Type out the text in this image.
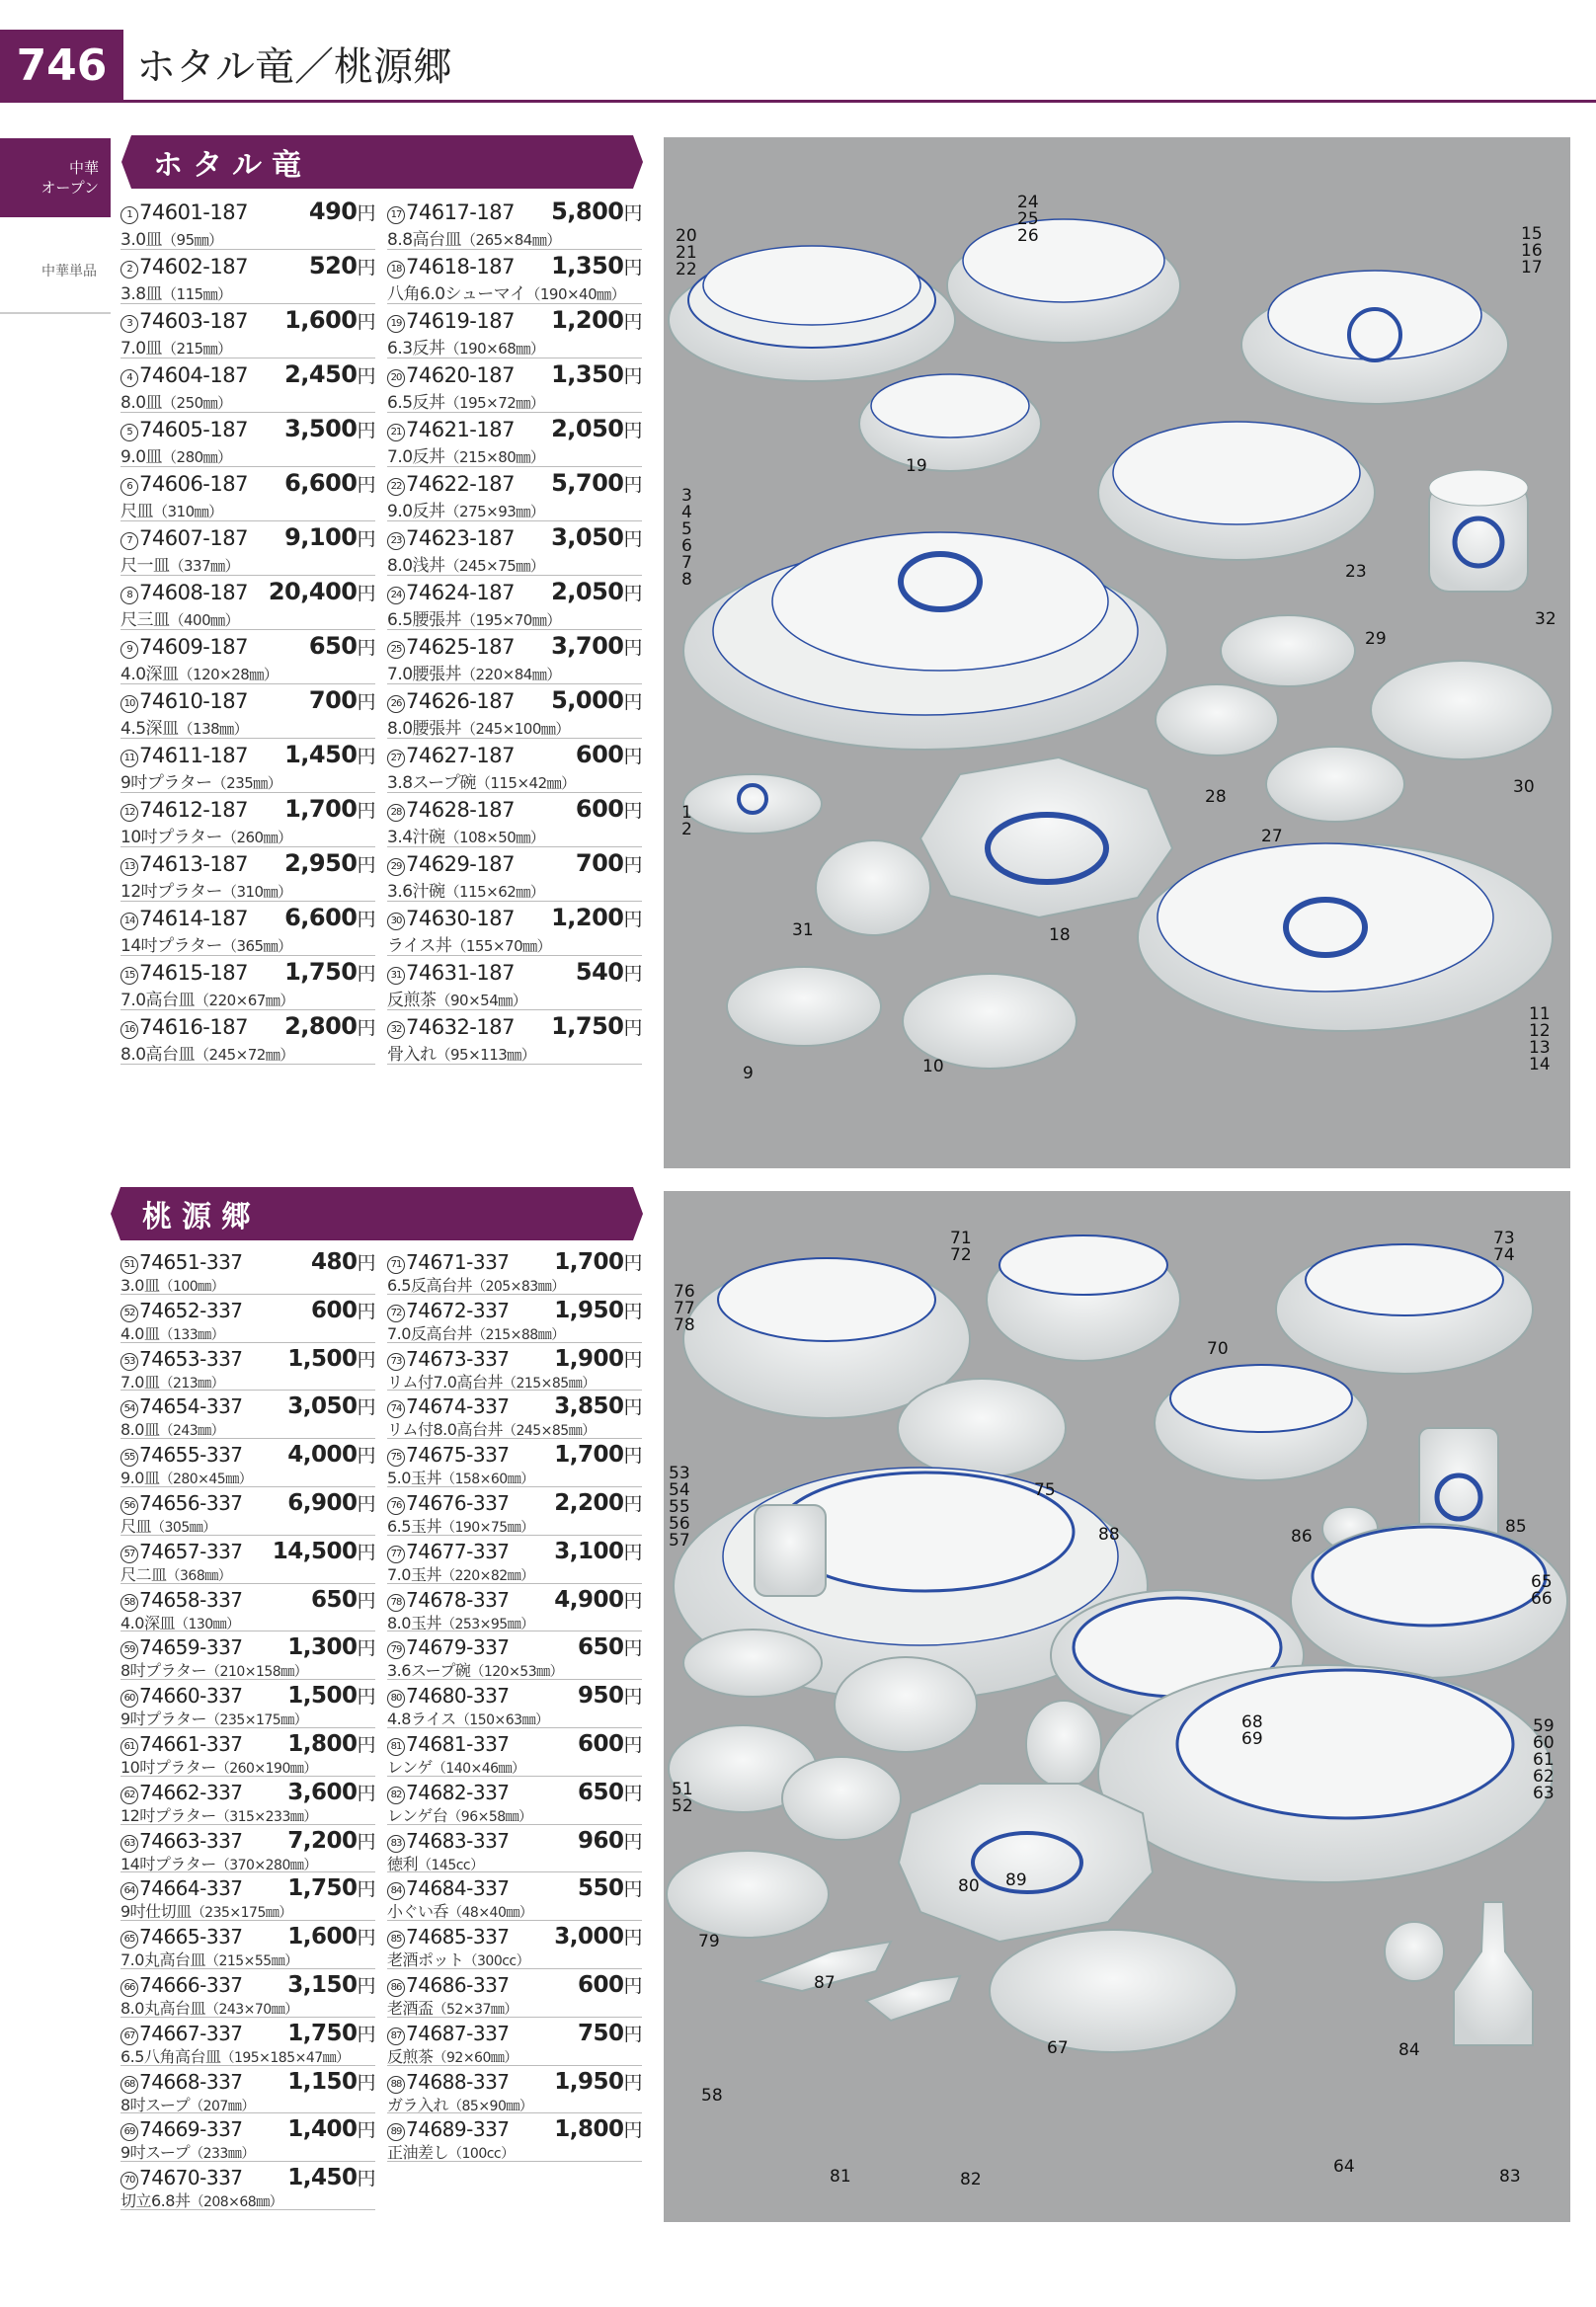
746 ホタル竜／桃源郷
中華
オープン
中華単品
ホタル竜
1 74601-187	490円
3.0皿（95㎜）
2 74602-187	520円
3.8皿（115㎜）
3 74603-187 1,600円
7.0皿（215㎜）
4 74604-187 2,450円
8.0皿（250㎜）
5 74605-187 3,500円
9.0皿（280㎜）
6 74606-187 6,600円
尺皿（310㎜）
7 74607-187 9,100円
尺一皿（337㎜）
8 74608-187 20,400円
尺三皿（400㎜）
9 74609-187	650円
4.0深皿（120×28㎜）
10 74610-187	700円
4.5深皿（138㎜）
11 74611-187 1,450円
9吋プラター（235㎜）
12 74612-187 1,700円
10吋プラター（260㎜）
13 74613-187 2,950円
12吋プラター（310㎜）
14 74614-187 6,600円
14吋プラター（365㎜）
15 74615-187 1,750円
7.0高台皿（220×67㎜）
16 74616-187 2,800円
8.0高台皿（245×72㎜）
17 74617-187 5,800円
8.8高台皿（265×84㎜）
18 74618-187 1,350円
八角6.0シューマイ（190×40㎜）
19 74619-187 1,200円
6.3反丼（190×68㎜）
20 74620-187 1,350円
6.5反丼（195×72㎜）
21 74621-187 2,050円
7.0反丼（215×80㎜）
22 74622-187 5,700円
9.0反丼（275×93㎜）
23 74623-187 3,050円
8.0浅丼（245×75㎜）
24 74624-187 2,050円
6.5腰張丼（195×70㎜）
25 74625-187 3,700円
7.0腰張丼（220×84㎜）
26 74626-187 5,000円
8.0腰張丼（245×100㎜）
27 74627-187	600円
3.8スープ碗（115×42㎜）
28 74628-187	600円
3.4汁碗（108×50㎜）
29 74629-187	700円
3.6汁碗（115×62㎜）
30 74630-187 1,200円
ライス丼（155×70㎜）
31 74631-187	540円
反煎茶（90×54㎜）
32 74632-187 1,750円
骨入れ（95×113㎜）
桃源郷
51 74651-337	480円
3.0皿（100㎜）
52 74652-337	600円
4.0皿（133㎜）
53 74653-337 1,500円
7.0皿（213㎜）
54 74654-337 3,050円
8.0皿（243㎜）
55 74655-337 4,000円
9.0皿（280×45㎜）
56 74656-337 6,900円
尺皿（305㎜）
57 74657-337 14,500円
尺二皿（368㎜）
58 74658-337	650円
4.0深皿（130㎜）
59 74659-337 1,300円
8吋プラター（210×158㎜）
60 74660-337 1,500円
9吋プラター（235×175㎜）
61 74661-337 1,800円
10吋プラター（260×190㎜）
62 74662-337 3,600円
12吋プラター（315×233㎜）
63 74663-337 7,200円
14吋プラター（370×280㎜）
64 74664-337 1,750円
9吋仕切皿（235×175㎜）
65 74665-337 1,600円
7.0丸高台皿（215×55㎜）
66 74666-337 3,150円
8.0丸高台皿（243×70㎜）
67 74667-337 1,750円
6.5八角高台皿（195×185×47㎜）
68 74668-337 1,150円
8吋スープ（207㎜）
69 74669-337 1,400円
9吋スープ（233㎜）
70 74670-337 1,450円
切立6.8丼（208×68㎜）
71 74671-337 1,700円
6.5反高台丼（205×83㎜）
72 74672-337 1,950円
7.0反高台丼（215×88㎜）
73 74673-337 1,900円
リム付7.0高台丼（215×85㎜）
74 74674-337 3,850円
リム付8.0高台丼（245×85㎜）
75 74675-337 1,700円
5.0玉丼（158×60㎜）
76 74676-337 2,200円
6.5玉丼（190×75㎜）
77 74677-337 3,100円
7.0玉丼（220×82㎜）
78 74678-337 4,900円
8.0玉丼（253×95㎜）
79 74679-337	650円
3.6スープ碗（120×53㎜）
80 74680-337	950円
4.8ライス（150×63㎜）
81 74681-337	600円
レンゲ（140×46㎜）
82 74682-337	650円
レンゲ台（96×58㎜）
83 74683-337	960円
徳利（145cc）
84 74684-337	550円
小ぐい呑（48×40㎜）
85 74685-337 3,000円
老酒ポット（300cc）
86 74686-337	600円
老酒盃（52×37㎜）
87 74687-337	750円
反煎茶（92×60㎜）
88 74688-337 1,950円
ガラ入れ（85×90㎜）
89 74689-337 1,800円
正油差し（100cc）
20
21
22
24
25
26	15
16
17
19
3
4
5
6
7
8	23
32
29
28	30
27
1
2
31	18
9	10
11
12
13
14
71
72
73
74
76
77
78
70
53
54
55
56
57
75
88	86	85
65
66
68
69
59
60
61
62
63
51
52
80 89
79
87
67
58
84
81	82
64	83
